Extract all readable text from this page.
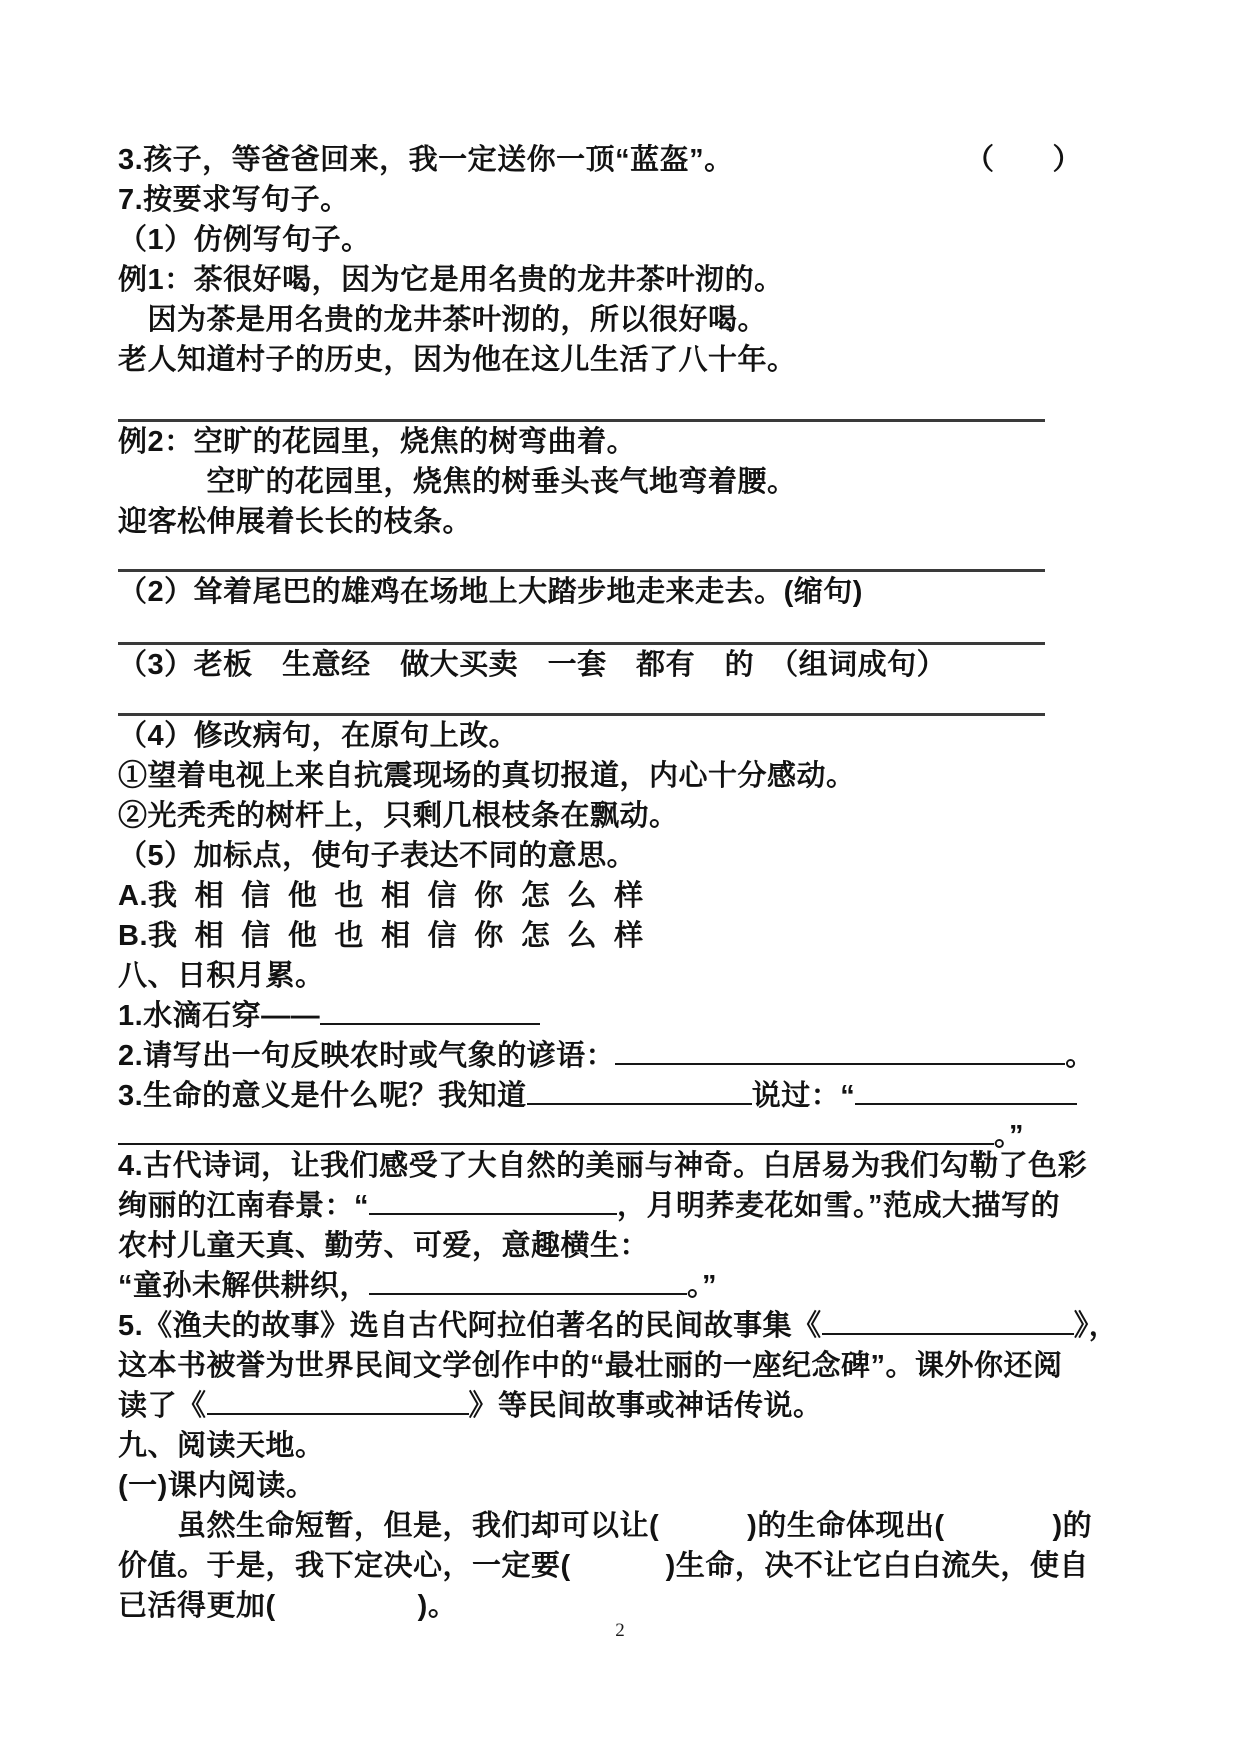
3.孩子，等爸爸回来，我一定送你一顶“蓝盔”。	（ ）
7.按要求写句子。
（1）仿例写句子。
例1：茶很好喝，因为它是用名贵的龙井茶叶沏的。
　因为茶是用名贵的龙井茶叶沏的，所以很好喝。
老人知道村子的历史，因为他在这儿生活了八十年。
例2：空旷的花园里，烧焦的树弯曲着。
　　　空旷的花园里，烧焦的树垂头丧气地弯着腰。
迎客松伸展着长长的枝条。
（2）耸着尾巴的雄鸡在场地上大踏步地走来走去。(缩句)
（3）老板　生意经　做大买卖　一套　都有　的　（组词成句）
（4）修改病句，在原句上改。
①望着电视上来自抗震现场的真切报道，内心十分感动。
②光秃秃的树杆上，只剩几根枝条在飘动。
（5）加标点，使句子表达不同的意思。
A.我  相  信  他  也  相  信  你  怎  么  样
B.我  相  信  他  也  相  信  你  怎  么  样
八、日积月累。
1.水滴石穿——
2.请写出一句反映农时或气象的谚语：	。
3.生命的意义是什么呢？我知道	说过：“
。”
4.古代诗词，让我们感受了大自然的美丽与神奇。白居易为我们勾勒了色彩
绚丽的江南春景：“	，月明荞麦花如雪。”范成大描写的
农村儿童天真、勤劳、可爱，意趣横生：
“童孙未解供耕织，	。”
5.《渔夫的故事》选自古代阿拉伯著名的民间故事集《	》，
这本书被誉为世界民间文学创作中的“最壮丽的一座纪念碑”。课外你还阅
读了《	》等民间故事或神话传说。
九、阅读天地。
(一)课内阅读。
　　虽然生命短暂，但是，我们却可以让(	)的生命体现出(	)的
价值。于是，我下定决心，一定要(	)生命，决不让它白白流失，使自
已活得更加(	)。
2
